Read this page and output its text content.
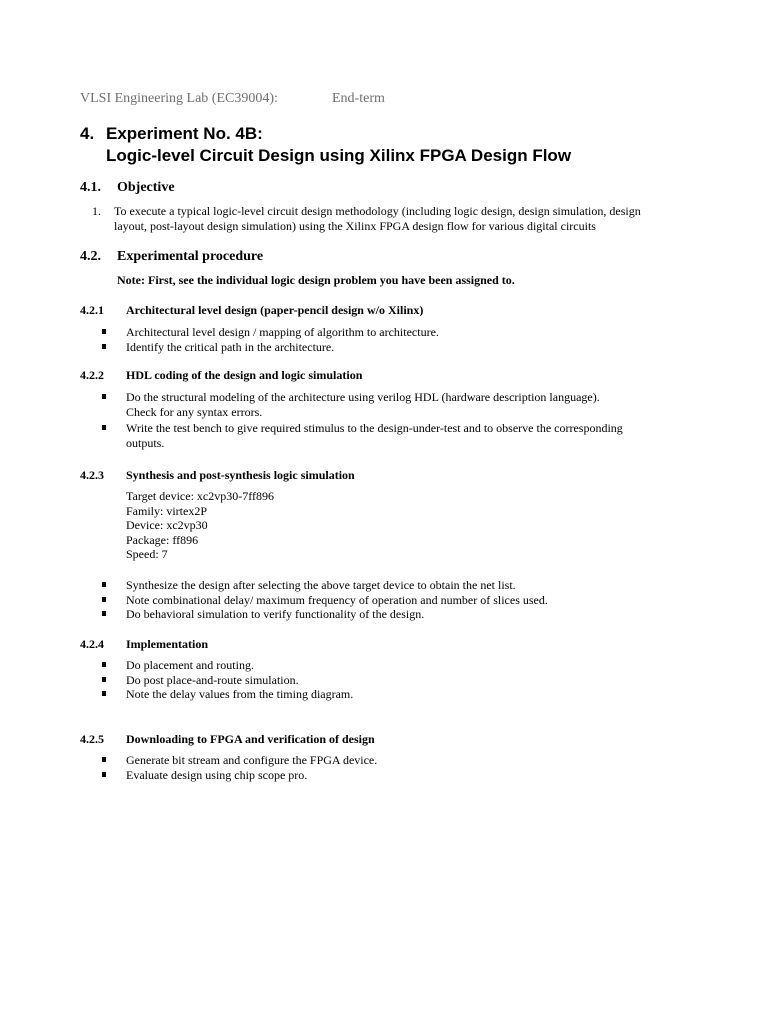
VLSI Engineering Lab (EC39004):	End-term
4. Experiment No. 4B:
Logic-level Circuit Design using Xilinx FPGA Design Flow
4.1. Objective
1. To execute a typical logic-level circuit design methodology (including logic design, design simulation, design layout, post-layout design simulation) using the Xilinx FPGA design flow for various digital circuits
4.2. Experimental procedure
Note: First, see the individual logic design problem you have been assigned to.
4.2.1 Architectural level design (paper-pencil design w/o Xilinx)
Architectural level design / mapping of algorithm to architecture.
Identify the critical path in the architecture.
4.2.2 HDL coding of the design and logic simulation
Do the structural modeling of the architecture using verilog HDL (hardware description language). Check for any syntax errors.
Write the test bench to give required stimulus to the design-under-test and to observe the corresponding outputs.
4.2.3 Synthesis and post-synthesis logic simulation
Target device: xc2vp30-7ff896
Family: virtex2P
Device: xc2vp30
Package: ff896
Speed: 7
Synthesize the design after selecting the above target device to obtain the net list.
Note combinational delay/ maximum frequency of operation and number of slices used.
Do behavioral simulation to verify functionality of the design.
4.2.4 Implementation
Do placement and routing.
Do post place-and-route simulation.
Note the delay values from the timing diagram.
4.2.5 Downloading to FPGA and verification of design
Generate bit stream and configure the FPGA device.
Evaluate design using chip scope pro.
